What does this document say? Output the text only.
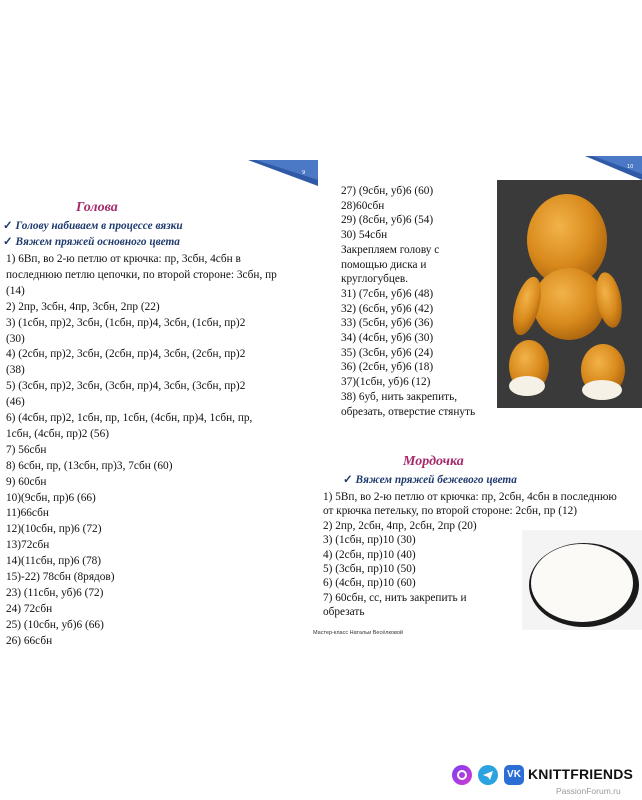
9
10
Голова
✓ Голову набиваем в процессе вязки
✓ Вяжем пряжей основного цвета
1) 6Вп, во 2-ю петлю от крючка: пр, 3сбн, 4сбн в
последнюю петлю цепочки, по второй стороне: 3сбн, пр
(14)
2) 2пр, 3сбн, 4пр, 3сбн, 2пр (22)
3) (1сбн, пр)2, 3сбн, (1сбн, пр)4, 3сбн, (1сбн, пр)2
(30)
4) (2сбн, пр)2, 3сбн, (2сбн, пр)4, 3сбн, (2сбн, пр)2
(38)
5) (3сбн, пр)2, 3сбн, (3сбн, пр)4, 3сбн, (3сбн, пр)2
(46)
6) (4сбн, пр)2, 1сбн, пр, 1сбн, (4сбн, пр)4, 1сбн, пр,
1сбн, (4сбн, пр)2 (56)
7) 56сбн
8) 6сбн, пр, (13сбн, пр)3, 7сбн (60)
9) 60сбн
10)(9сбн, пр)6 (66)
11)66сбн
12)(10сбн, пр)6 (72)
13)72сбн
14)(11сбн, пр)6 (78)
15)-22) 78сбн (8рядов)
23) (11сбн, уб)6 (72)
24) 72сбн
25) (10сбн, уб)6 (66)
26) 66сбн
27) (9сбн, уб)6 (60)
28)60сбн
29) (8сбн, уб)6 (54)
30) 54сбн
Закрепляем голову с
помощью диска и
круглогубцев.
31) (7сбн, уб)6 (48)
32) (6сбн, уб)6 (42)
33) (5сбн, уб)6 (36)
34) (4сбн, уб)6 (30)
35) (3сбн, уб)6 (24)
36) (2сбн, уб)6 (18)
37)(1сбн, уб)6 (12)
38) 6уб, нить закрепить,
обрезать, отверстие стянуть
Мордочка
✓ Вяжем пряжей бежевого цвета
1) 5Вп, во 2-ю петлю от крючка: пр, 2сбн, 4сбн в последнюю
от крючка петельку, по второй стороне: 2сбн, пр (12)
2) 2пр, 2сбн, 4пр, 2сбн, 2пр (20)
3) (1сбн, пр)10 (30)
4) (2сбн, пр)10 (40)
5) (3сбн, пр)10 (50)
6) (4сбн, пр)10 (60)
7) 60сбн, сс, нить закрепить и
обрезать
Мастер-класс Натальи Весёлковой
VK KNITTFRIENDS
PassionForum.ru
